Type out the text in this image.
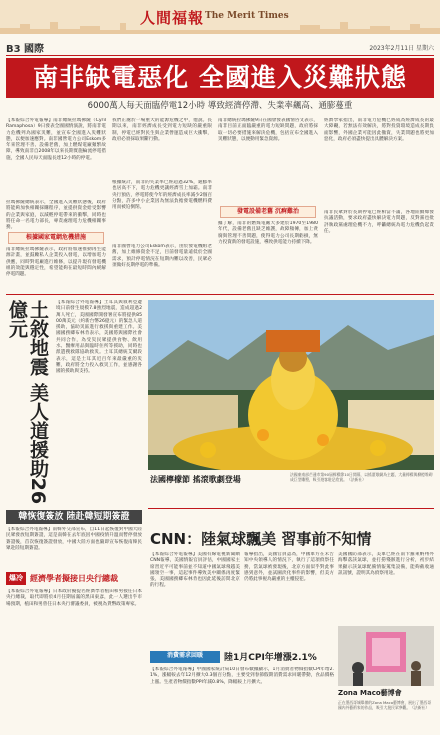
人間福報 The Merit Times
B3 國際	2023年2月11日 星期六
南非缺電惡化 全國進入災難狀態
6000萬人每天面臨停電12小時 導致經濟停滯、失業率飆高、通膨蔓重
【本報綜合外電報導】南非總統拉瑪佛薩（Cyril Ramaphosa）9日發表全國國情演說，將南非電力危機列為國家災難，並宣布全國進入災難狀態，以便加速應對。南非國營電力公司Eskom多年來管理不善、設備老舊，加上燃煤電廠頻繁故障，導致南非自2008年以來長期實施輪流停電措施，全國人民每天面臨長達12小時的停電。
拉瑪佛薩總統表示，全國進入災難狀態後，政府將能夠加快相關採購程序，並提供資金給受影響的企業與家庭，以減輕停電帶來的衝擊，同時也將任命一名電力部長，專責處理電力危機相關事務。
根據國家電網危機措施
南非總統拉瑪佛薩表示，政府將加速推動再生能源計畫，並鼓勵私人企業投入發電，以增加電力供應，同時對電廠進行維修，以提升現有發電機組的效能與穩定性，希望能夠在最短時間內緩解停電問題。
我們正處於一場重大的能源危機之中，他說。長期以來，南非經濟成長受到電力短缺的嚴重限制，停電已經對民生與企業營運造成巨大衝擊，政府必須採取果斷行動。
根據統計，南非的失業率已經超過32%，通膨率也居高不下，電力危機更讓經濟雪上加霜。南非央行預估，停電將使今年的經濟成長率減少2個百分點，許多中小企業因為無法負擔發電機燃料費用而被迫倒閉。
南非國營電力公司Eskom表示，由於發電機組老舊，加上維修資金不足，目前發電量遠低於全國需求，預計停電情況在短期內難以改善，民眾必須做好長期停電的準備。
南非總統拉瑪佛薩9日在國會發表國情咨文表示，南非目前正面臨嚴重的電力短缺問題，政府將採取一切必要措施來解決危機，包括宣布全國進入災難狀態，以便動用緊急資源。
發電設備老舊 沉痾難治
據了解，南非的燃煤電廠大多建於1970至1980年代，設備老舊且缺乏維護，故障頻傳，加上貪腐與管理不善問題，使得電力公司長期虧損，無力投資新的發電設施，導致供電能力持續下降。
經濟學家指出，南非電力危機已經成為經濟成長的最大障礙，若無法有效解決，將對投資環境造成長期負面影響，外國企業可能因此撤資，失業問題也將更加惡化，政府必須盡快提出具體解決方案。
南非民眾對於長期停電已經相當不滿，各地陸續爆發抗議活動，要求政府盡快解決電力問題，反對黨也批評執政黨處理危機不力，呼籲總統為電力危機負起責任。
土敘地震 美人道援助26億元	【本報綜合外電報導】土耳其與敘利亞邊境日前發生規模7.8強烈地震，造成超過2萬人死亡，美國國際開發署宣布將提供8500萬美元（約新台幣26億元）的緊急人道援助，協助災區進行救援與重建工作。美國國務卿布林肯表示，美國將與國際社會共同合作，為受災民眾提供食物、飲用水、醫療用品與臨時住所等援助，同時也派遣搜救隊協助救災。土耳其總統艾爾段表示，這是土耳其近百年來最嚴重的災難，政府將全力投入救災工作，並感謝各國的援助與支持。
法國檸檬節 搖滾歌劇登場
法國東南部芒通市第90屆檸檬節10日開幕，以搖滾歌劇為主題，大量檸檬與柳橙堆砌成巨型雕塑，吸引遊客駐足欣賞。（法新社）
韓恢復簽放 陸赴韓短期簽證
【本報綜合外電報導】南韓外交部宣布，自11日起恢復對中國大陸民眾發放短期簽證，這是南韓在去年底因中國疫情升溫而暫停發放簽證後，首次恢復簽證發放，中國大陸方面也隨即宣布恢復南韓民眾赴陸短期簽證。
爆冷 經濟學者擬接日央行總裁
【本報綜合外電報導】日本政府擬提名經濟學者植田和男接任日本央行總裁，取代即將於4月任期屆滿的黑田東彥，此一人選出乎市場預期，植田和男曾任日本央行審議委員，被視為貨幣政策專家。
CNN：陸氣球飄美 習事前不知情
【本報綜合外電報導】美國有線電視新聞網CNN報導，美國情報官員評估，中國國家主席習近平可能事前並不知道中國氣球飛越美國領空一事，這起事件導致美中關係再度緊張，美國國務卿布林肯也因此延後訪問北京的行程。
報導指出，美國官員認為，中國軍方在未告知中央領導人的情況下，執行了這項偵察任務，當氣球被發現後，北京方面似乎對此事感到意外，並試圖淡化事件的影響，但美方仍將此事視為嚴重的主權侵犯。
美國國防部表示，美軍已經在南卡羅萊納州外海擊落該氣球，並打撈殘骸進行分析，初步結果顯示該氣球配備情報蒐集設備，能夠截收通訊訊號，證明其為偵察用途。
消費需求回暖	陸1月CPI年增漲2.1%
【本報綜合外電報導】中國國家統計局10日發布數據顯示，1月消費者物價指數CPI年增2.1%，漲幅較去年12月擴大0.3個百分點，主要受到春節假期消費需求回暖帶動，食品價格上漲。生產者物價指數PPI年減0.8%，降幅較上月擴大。
Zona Maco藝博會
正在墨西哥城舉辦的Zona Maco藝博會，展出了墨西哥國內外藝術家的作品，吸引大批民眾參觀。（法新社）
